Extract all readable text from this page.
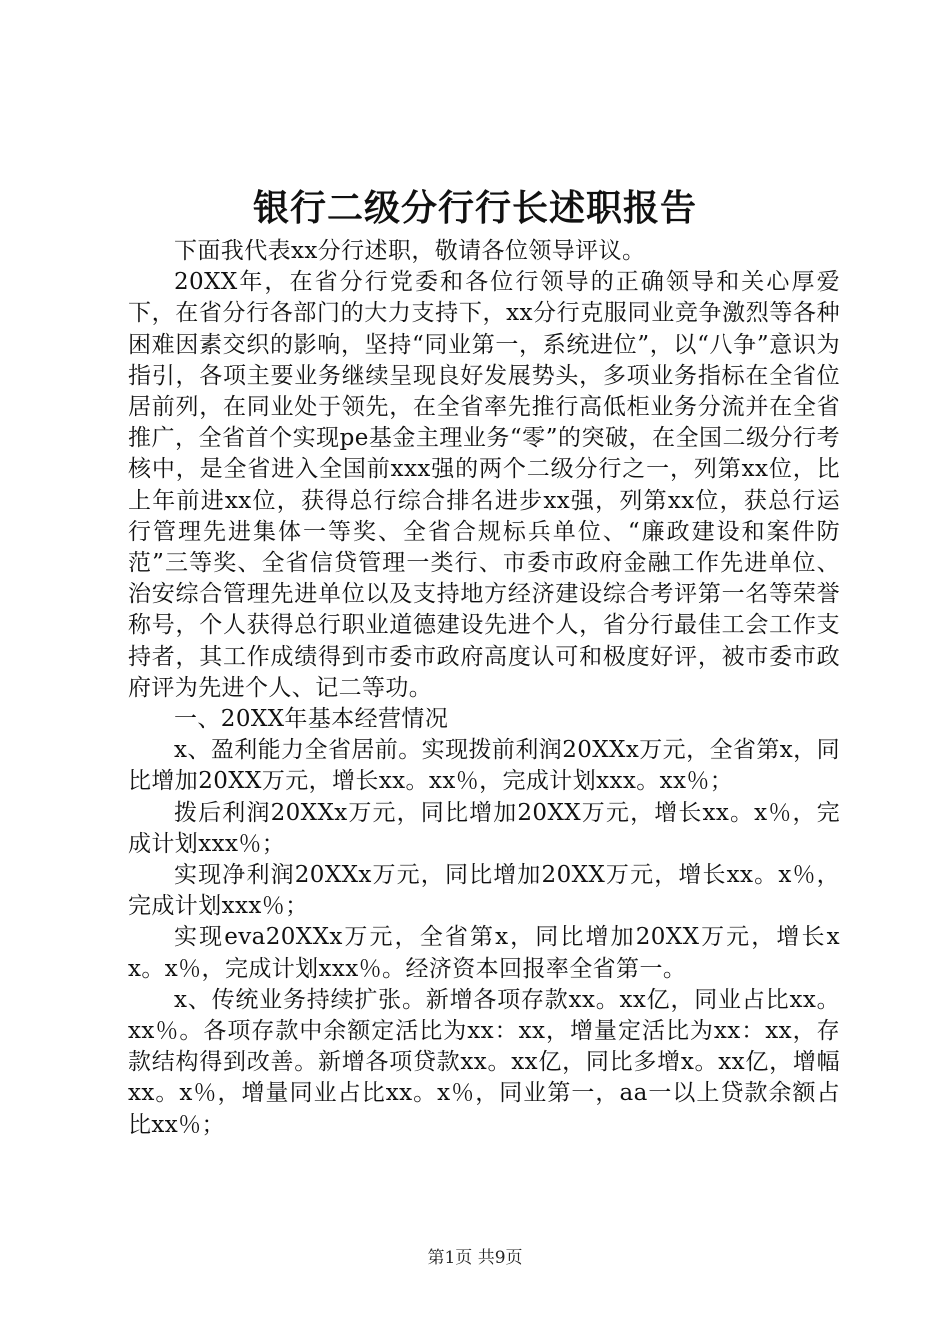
银行二级分行行长述职报告

下面我代表xx分行述职，敬请各位领导评议。

20XX年，在省分行党委和各位行领导的正确领导和关心厚爱下，在省分行各部门的大力支持下，xx分行克服同业竞争激烈等各种困难因素交织的影响，坚持“同业第一，系统进位”，以“八争”意识为指引，各项主要业务继续呈现良好发展势头，多项业务指标在全省位居前列，在同业处于领先，在全省率先推行高低柜业务分流并在全省推广，全省首个实现pe基金主理业务“零”的突破，在全国二级分行考核中，是全省进入全国前xxx强的两个二级分行之一，列第xx位，比上年前进xx位，获得总行综合排名进步xx强，列第xx位，获总行运行管理先进集体一等奖、全省合规标兵单位、“廉政建设和案件防范”三等奖、全省信贷管理一类行、市委市政府金融工作先进单位、治安综合管理先进单位以及支持地方经济建设综合考评第一名等荣誉称号，个人获得总行职业道德建设先进个人，省分行最佳工会工作支持者，其工作成绩得到市委市政府高度认可和极度好评，被市委市政府评为先进个人、记二等功。

一、20XX年基本经营情况

x、盈利能力全省居前。实现拨前利润20XXx万元，全省第x，同比增加20XX万元，增长xx。xx％，完成计划xxx。xx％；

拨后利润20XXx万元，同比增加20XX万元，增长xx。x％，完成计划xxx％；

实现净利润20XXx万元，同比增加20XX万元，增长xx。x％，完成计划xxx％；

实现eva20XXx万元，全省第x，同比增加20XX万元，增长xx。x％，完成计划xxx％。经济资本回报率全省第一。

x、传统业务持续扩张。新增各项存款xx。xx亿，同业占比xx。xx％。各项存款中余额定活比为xx：xx，增量定活比为xx：xx，存款结构得到改善。新增各项贷款xx。xx亿，同比多增x。xx亿，增幅xx。x％，增量同业占比xx。x％，同业第一，aa一以上贷款余额占比xx％；

第1页 共9页
